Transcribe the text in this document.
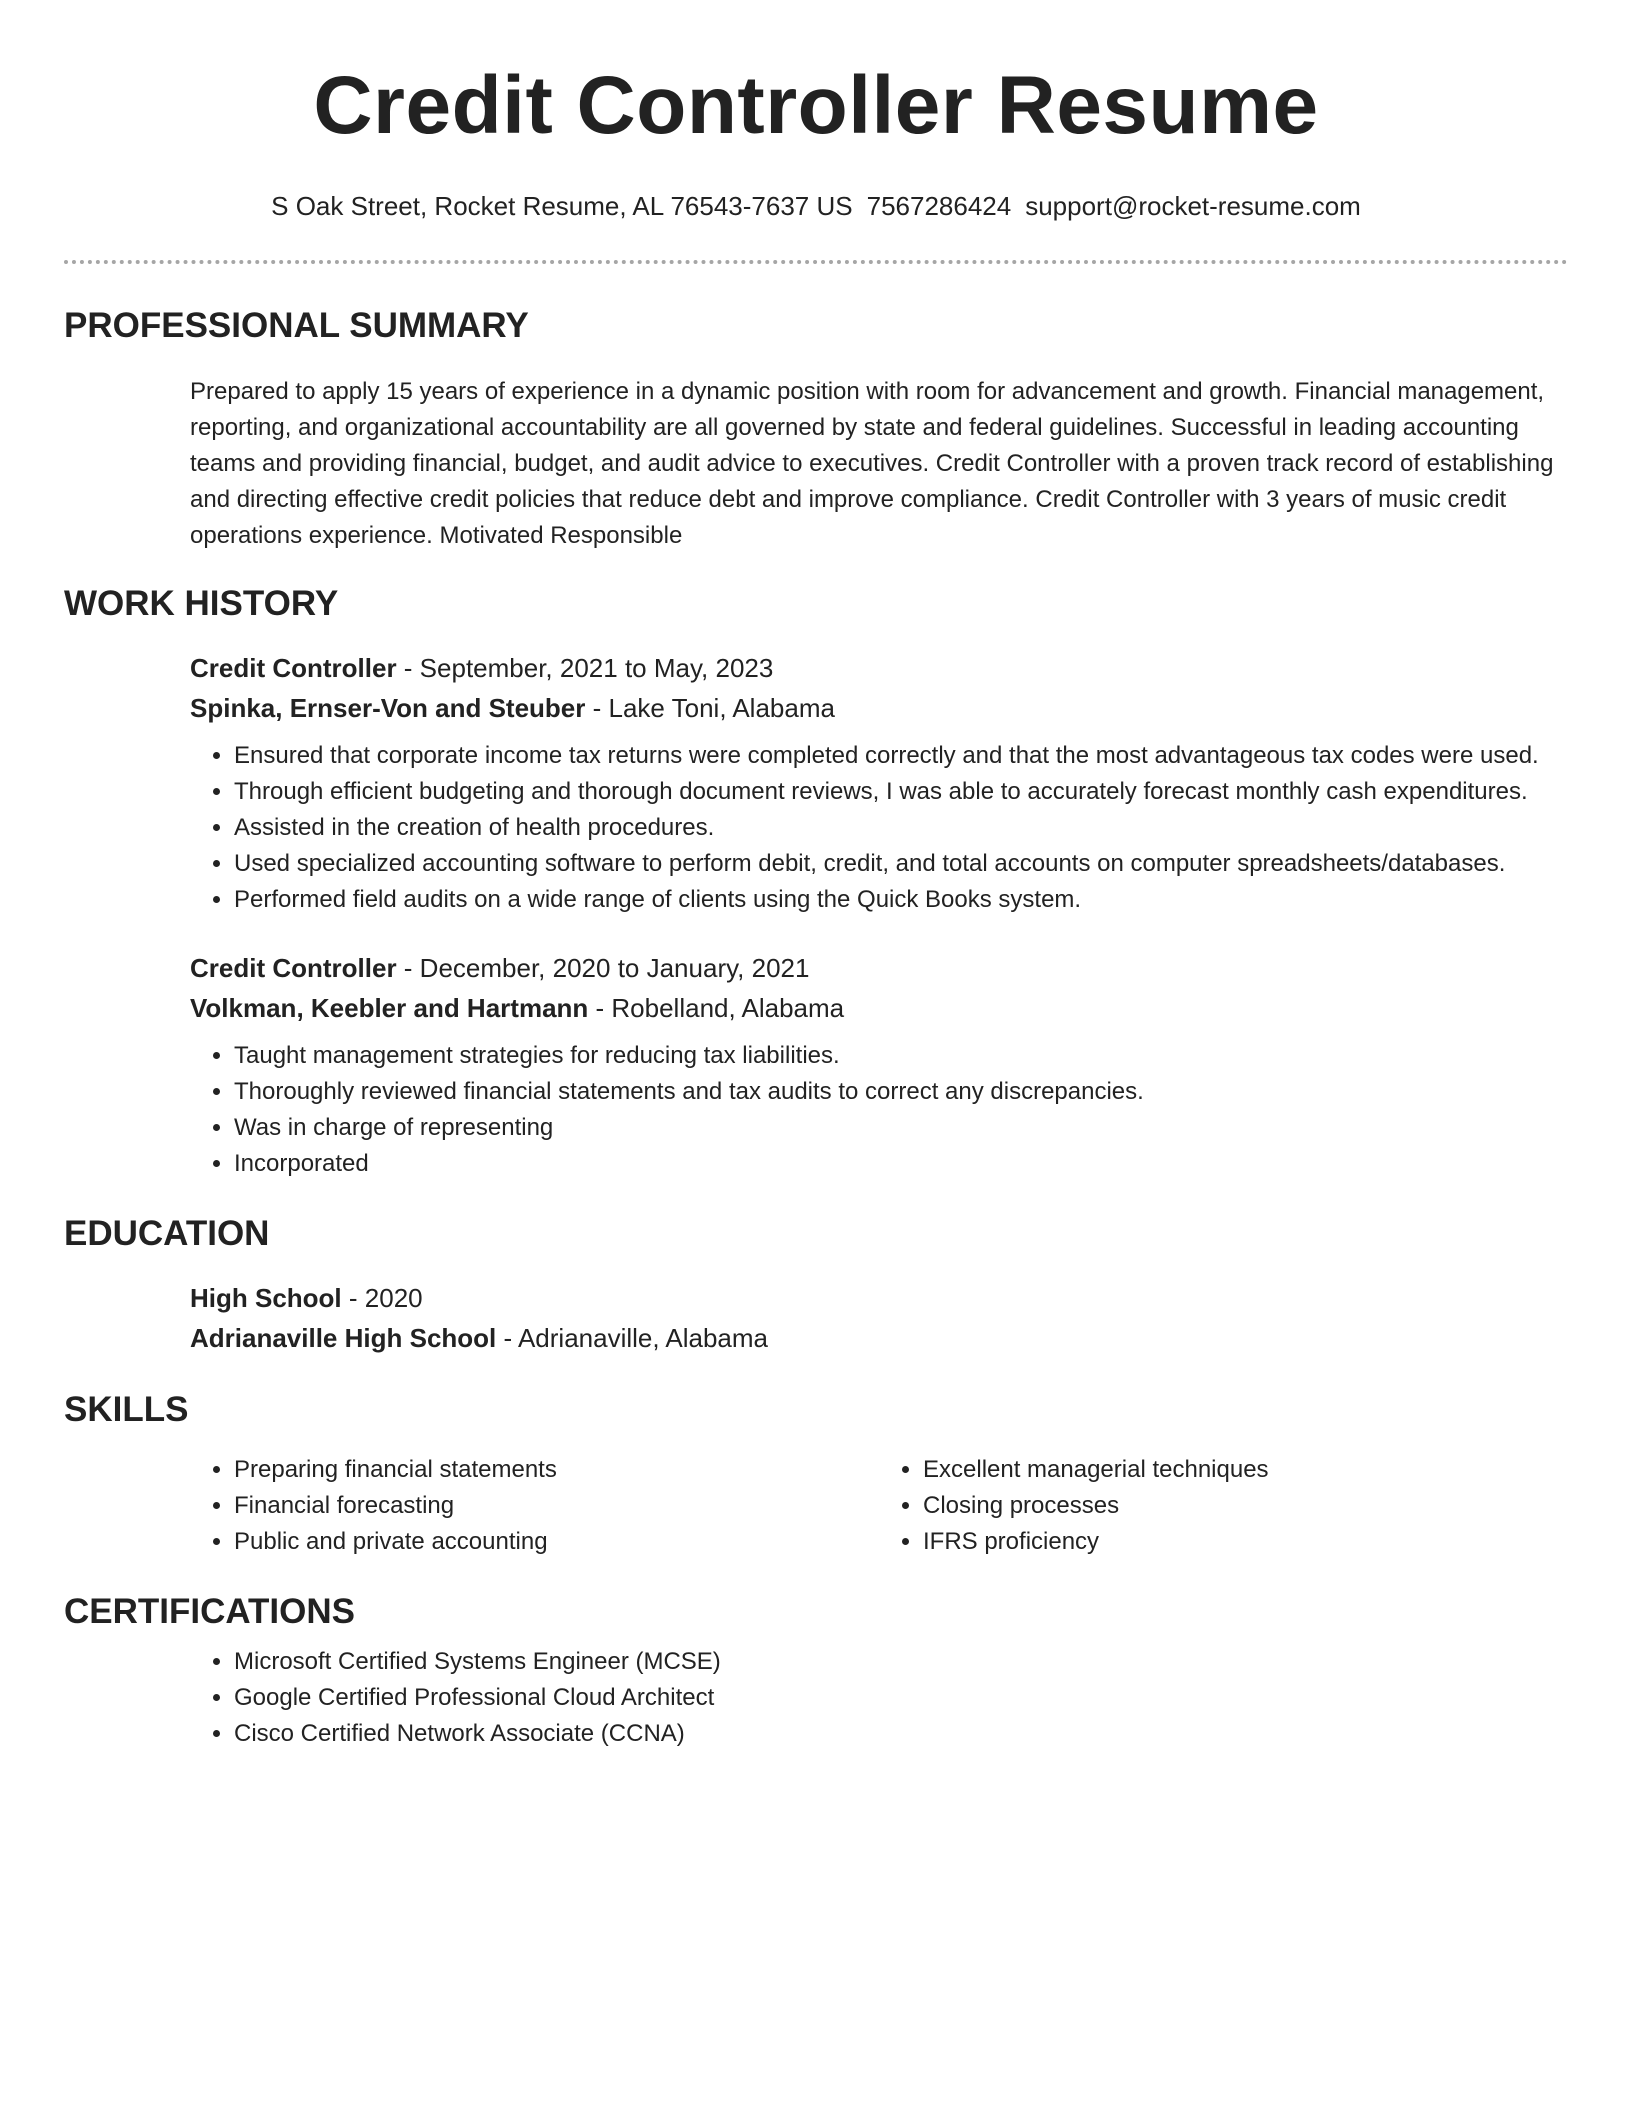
Credit Controller Resume
S Oak Street, Rocket Resume, AL 76543-7637 US 7567286424 support@rocket-resume.com
PROFESSIONAL SUMMARY

Prepared to apply 15 years of experience in a dynamic position with room for advancement and growth. Financial management, reporting, and organizational accountability are all governed by state and federal guidelines. Successful in leading accounting teams and providing financial, budget, and audit advice to executives. Credit Controller with a proven track record of establishing and directing effective credit policies that reduce debt and improve compliance. Credit Controller with 3 years of music credit operations experience. Motivated Responsible

WORK HISTORY

Credit Controller - September, 2021 to May, 2023

Spinka, Ernser-Von and Steuber - Lake Toni, Alabama

• Ensured that corporate income tax returns were completed correctly and that the most advantageous tax codes were used.
• Through efficient budgeting and thorough document reviews, I was able to accurately forecast monthly cash expenditures.
• Assisted in the creation of health procedures.
• Used specialized accounting software to perform debit, credit, and total accounts on computer spreadsheets/databases.
• Performed field audits on a wide range of clients using the Quick Books system.

Credit Controller - December, 2020 to January, 2021

Volkman, Keebler and Hartmann - Robelland, Alabama

• Taught management strategies for reducing tax liabilities.
• Thoroughly reviewed financial statements and tax audits to correct any discrepancies.
• Was in charge of representing
• Incorporated
EDUCATION

High School - 2020

Adrianaville High School - Adrianaville, Alabama

SKILLS
• Preparing financial statements
• Financial forecasting
• Public and private accounting
• Excellent managerial techniques
• Closing processes
• IFRS proficiency
CERTIFICATIONS
• Microsoft Certified Systems Engineer (MCSE)
• Google Certified Professional Cloud Architect
• Cisco Certified Network Associate (CCNA)
